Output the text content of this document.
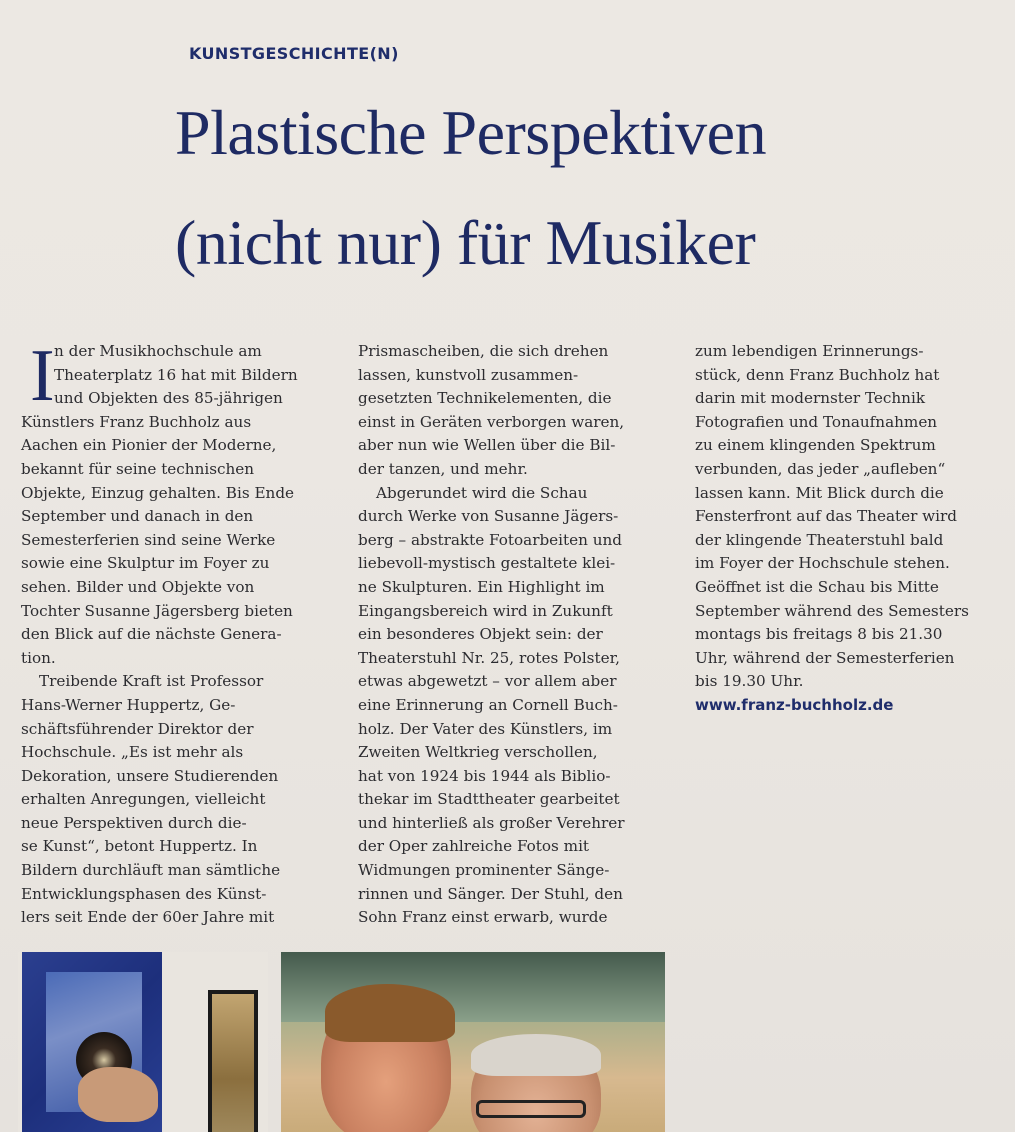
KUNSTGESCHICHTE(N)
Plastische Perspektiven
(nicht nur) für Musiker
I n der Musikhochschule am
Theaterplatz 16 hat mit Bildern
und Objekten des 85-jährigen
Künstlers Franz Buchholz aus
Aachen ein Pionier der Moderne,
bekannt für seine technischen
Objekte, Einzug gehalten. Bis Ende
September und danach in den
Semesterferien sind seine Werke
sowie eine Skulptur im Foyer zu
sehen. Bilder und Objekte von
Tochter Susanne Jägersberg bieten
den Blick auf die nächste Genera-
tion.
Treibende Kraft ist Professor
Hans-Werner Huppertz, Ge-
schäftsführender Direktor der
Hochschule. „Es ist mehr als
Dekoration, unsere Studierenden
erhalten Anregungen, vielleicht
neue Perspektiven durch die-
se Kunst“, betont Huppertz. In
Bildern durchläuft man sämtliche
Entwicklungsphasen des Künst-
lers seit Ende der 60er Jahre mit
Prismascheiben, die sich drehen
lassen, kunstvoll zusammen-
gesetzten Technikelementen, die
einst in Geräten verborgen waren,
aber nun wie Wellen über die Bil-
der tanzen, und mehr.
Abgerundet wird die Schau
durch Werke von Susanne Jägers-
berg – abstrakte Fotoarbeiten und
liebevoll-mystisch gestaltete klei-
ne Skulpturen. Ein Highlight im
Eingangsbereich wird in Zukunft
ein besonderes Objekt sein: der
Theaterstuhl Nr. 25, rotes Polster,
etwas abgewetzt – vor allem aber
eine Erinnerung an Cornell Buch-
holz. Der Vater des Künstlers, im
Zweiten Weltkrieg verschollen,
hat von 1924 bis 1944 als Biblio-
thekar im Stadttheater gearbeitet
und hinterließ als großer Verehrer
der Oper zahlreiche Fotos mit
Widmungen prominenter Sänge-
rinnen und Sänger. Der Stuhl, den
Sohn Franz einst erwarb, wurde
zum lebendigen Erinnerungs-
stück, denn Franz Buchholz hat
darin mit modernster Technik
Fotografien und Tonaufnahmen
zu einem klingenden Spektrum
verbunden, das jeder „aufleben“
lassen kann. Mit Blick durch die
Fensterfront auf das Theater wird
der klingende Theaterstuhl bald
im Foyer der Hochschule stehen.
Geöffnet ist die Schau bis Mitte
September während des Semesters
montags bis freitags 8 bis 21.30
Uhr, während der Semesterferien
bis 19.30 Uhr.
www.franz-buchholz.de
